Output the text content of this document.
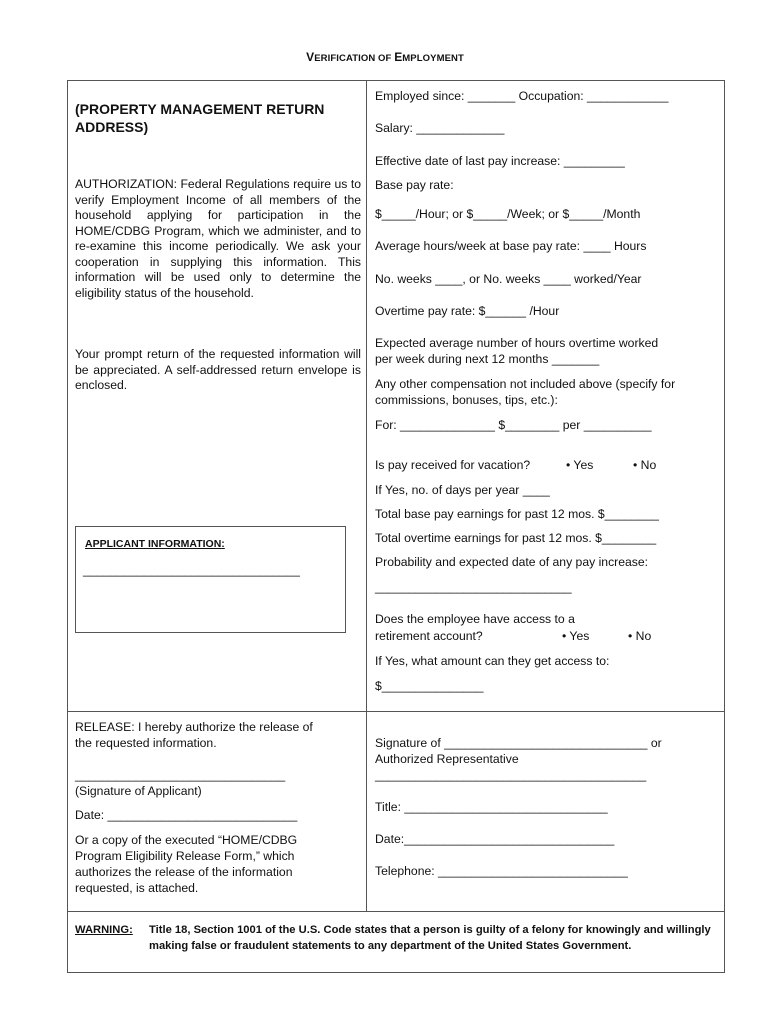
VERIFICATION OF EMPLOYMENT
(PROPERTY MANAGEMENT RETURN
ADDRESS)
AUTHORIZATION: Federal Regulations require us to verify Employment Income of all members of the household applying for participation in the HOME/CDBG Program, which we administer, and to re-examine this income periodically. We ask your cooperation in supplying this information. This information will be used only to determine the eligibility status of the household.
Your prompt return of the requested information will be appreciated. A self-addressed return envelope is enclosed.
APPLICANT INFORMATION:
________________________________
Employed since: _______ Occupation: ____________
Salary: _____________
Effective date of last pay increase: _________
Base pay rate:
$_____/Hour; or $_____/Week; or $_____/Month
Average hours/week at base pay rate: ____ Hours
No. weeks ____, or No. weeks ____ worked/Year
Overtime pay rate: $______ /Hour
Expected average number of hours overtime worked
per week during next 12 months _______
Any other compensation not included above (specify for
commissions, bonuses, tips, etc.):
For: ______________ $________ per __________
Is pay received for vacation?	• Yes	• No
If Yes, no. of days per year ____
Total base pay earnings for past 12 mos. $________
Total overtime earnings for past 12 mos. $________
Probability and expected date of any pay increase:
_____________________________
Does the employee have access to a
retirement account?	• Yes	• No
If Yes, what amount can they get access to:
$_______________
RELEASE: I hereby authorize the release of
the requested information.
_______________________________
(Signature of Applicant)
Date: ____________________________
Or a copy of the executed “HOME/CDBG
Program Eligibility Release Form,” which
authorizes the release of the information
requested, is attached.
Signature of ______________________________ or
Authorized Representative
________________________________________
Title: ______________________________
Date:_______________________________
Telephone: ____________________________
WARNING: Title 18, Section 1001 of the U.S. Code states that a person is guilty of a felony for knowingly and willingly making false or fraudulent statements to any department of the United States Government.
